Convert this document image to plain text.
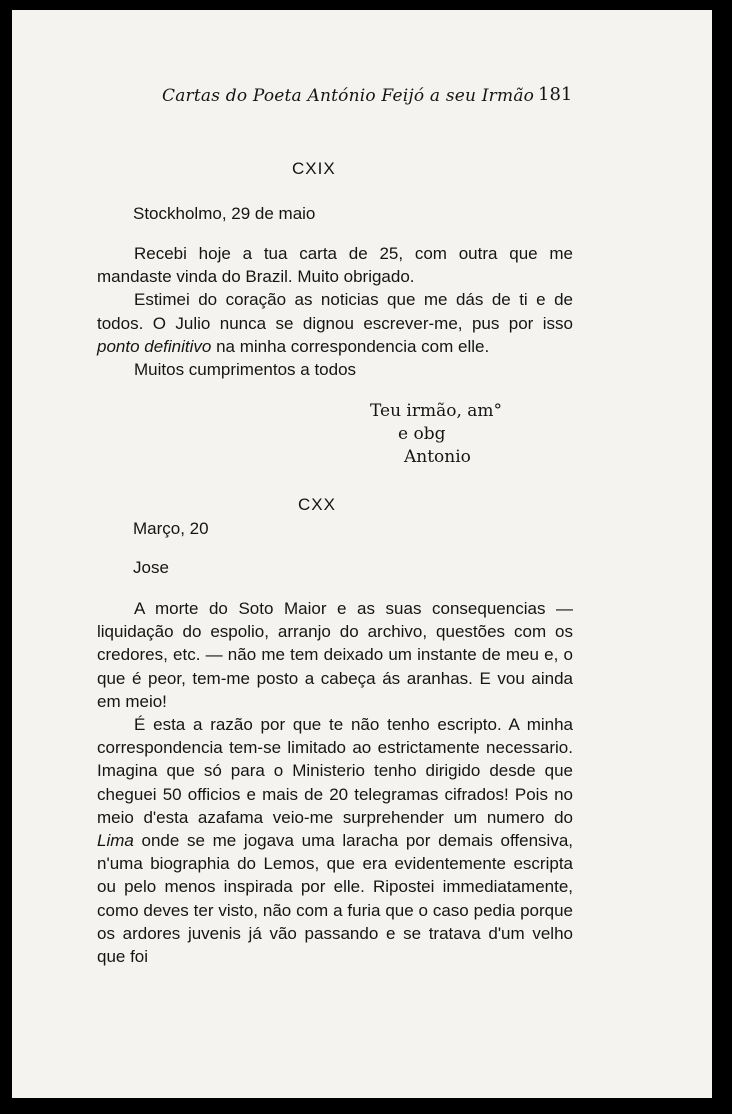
Cartas do Poeta António Feijó a seu Irmão 181
CXIX
Stockholmo, 29 de maio

Recebi hoje a tua carta de 25, com outra que me mandaste vinda do Brazil. Muito obrigado.

Estimei do coração as noticias que me dás de ti e de todos. O Julio nunca se dignou escrever-me, pus por isso ponto definitivo na minha correspondencia com elle.

Muitos cumprimentos a todos

Teu irmão, am°
e obg
Antonio
CXX
Março, 20
Jose

A morte do Soto Maior e as suas consequencias — liquidação do espolio, arranjo do archivo, questões com os credores, etc. — não me tem deixado um instante de meu e, o que é peor, tem-me posto a cabeça ás aranhas. E vou ainda em meio!

É esta a razão por que te não tenho escripto. A minha correspondencia tem-se limitado ao estrictamente necessario. Imagina que só para o Ministerio tenho dirigido desde que cheguei 50 officios e mais de 20 telegramas cifrados! Pois no meio d'esta azafama veio-me surprehender um numero do Lima onde se me jogava uma laracha por demais offensiva, n'uma biographia do Lemos, que era evidentemente escripta ou pelo menos inspirada por elle. Ripostei immediatamente, como deves ter visto, não com a furia que o caso pedia porque os ardores juvenis já vão passando e se tratava d'um velho que foi
